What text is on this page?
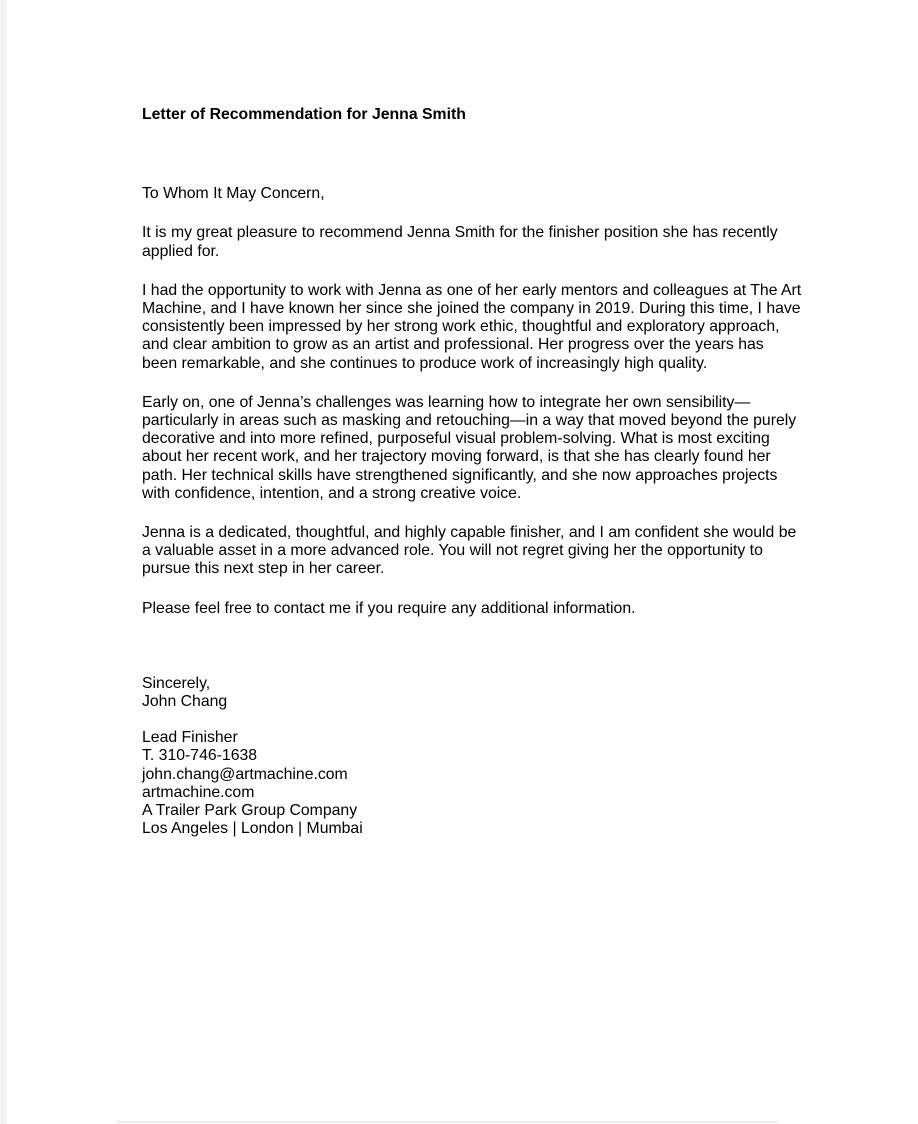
Letter of Recommendation for Jenna Smith

To Whom It May Concern,

It is my great pleasure to recommend Jenna Smith for the finisher position she has recently applied for.

I had the opportunity to work with Jenna as one of her early mentors and colleagues at The Art Machine, and I have known her since she joined the company in 2019. During this time, I have consistently been impressed by her strong work ethic, thoughtful and exploratory approach, and clear ambition to grow as an artist and professional. Her progress over the years has been remarkable, and she continues to produce work of increasingly high quality.

Early on, one of Jenna’s challenges was learning how to integrate her own sensibility—particularly in areas such as masking and retouching—in a way that moved beyond the purely decorative and into more refined, purposeful visual problem-solving. What is most exciting about her recent work, and her trajectory moving forward, is that she has clearly found her path. Her technical skills have strengthened significantly, and she now approaches projects with confidence, intention, and a strong creative voice.

Jenna is a dedicated, thoughtful, and highly capable finisher, and I am confident she would be a valuable asset in a more advanced role. You will not regret giving her the opportunity to pursue this next step in her career.

Please feel free to contact me if you require any additional information.

Sincerely,

John Chang

Lead Finisher

T. 310-746-1638

john.chang@artmachine.com

artmachine.com

A Trailer Park Group Company

Los Angeles | London | Mumbai
